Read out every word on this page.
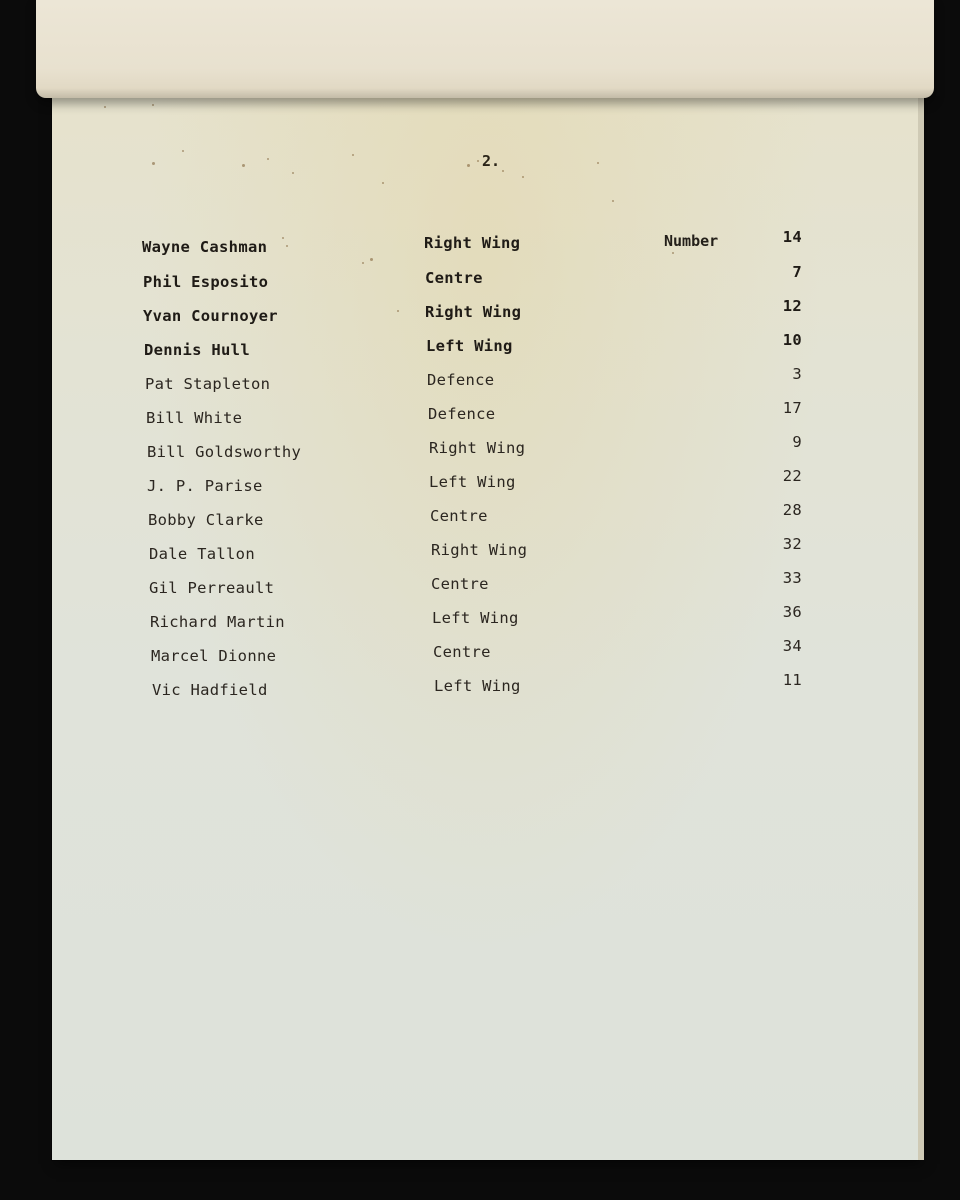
2.
Number
Wayne Cashman	Right Wing	14
Phil Esposito	Centre	7
Yvan Cournoyer	Right Wing	12
Dennis Hull	Left Wing	10
Pat Stapleton	Defence	3
Bill White	Defence	17
Bill Goldsworthy	Right Wing	9
J. P. Parise	Left Wing	22
Bobby Clarke	Centre	28
Dale Tallon	Right Wing	32
Gil Perreault	Centre	33
Richard Martin	Left Wing	36
Marcel Dionne	Centre	34
Vic Hadfield	Left Wing	11
